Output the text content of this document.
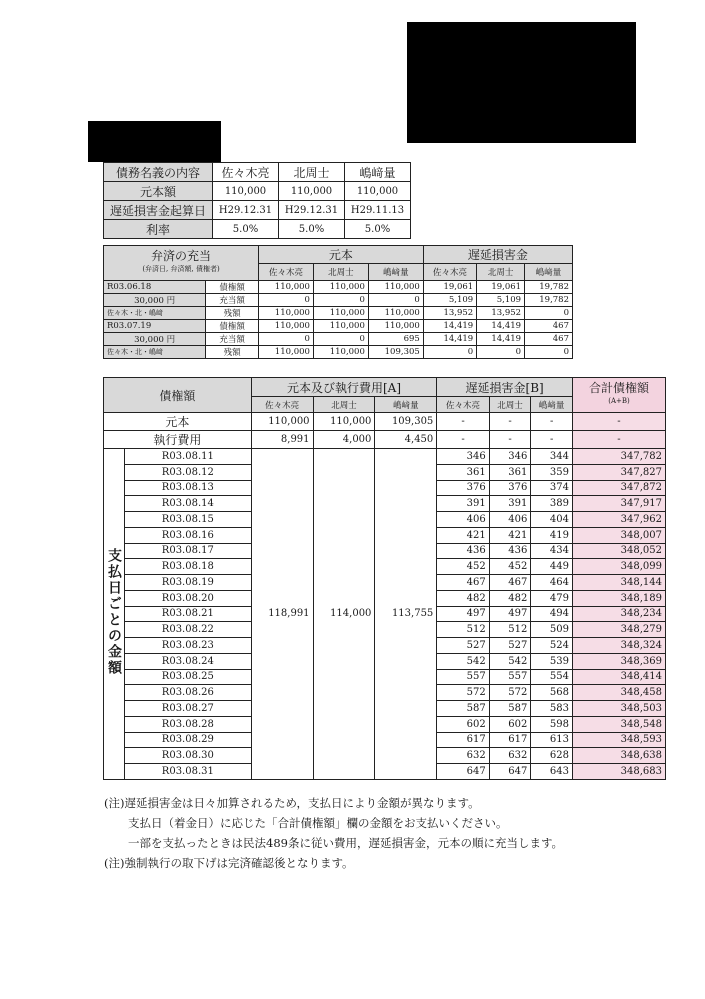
債務名義の内容	佐々木亮	北周士	嶋﨑量
元本額	110,000	110,000	110,000
遅延損害金起算日	H29.12.31	H29.12.31	H29.11.13
利率	5.0%	5.0%	5.0%
弁済の充当
(弁済日, 弁済額, 債権者)		元本			遅延損害金		
		佐々木亮	北周士	嶋﨑量	佐々木亮	北周士	嶋﨑量
R03.06.18	債権額	110,000	110,000	110,000	19,061	19,061	19,782
30,000 円	充当額	0	0	0	5,109	5,109	19,782
佐々木・北・嶋﨑	残額	110,000	110,000	110,000	13,952	13,952	0
R03.07.19	債権額	110,000	110,000	110,000	14,419	14,419	467
30,000 円	充当額	0	0	695	14,419	14,419	467
佐々木・北・嶋﨑	残額	110,000	110,000	109,305	0	0	0
債権額		元本及び執行費用[A]			遅延損害金[B]			合計債権額
(A+B)

		佐々木亮	北周士	嶋﨑量	佐々木亮	北周士	嶋﨑量	
元本		110,000	110,000	109,305	-	-	-	-
執行費用		8,991	4,000	4,450	-	-	-	-
支払日ごとの金額	R03.08.11	118,991	114,000	113,755	346	346	344	347,782
	R03.08.12				361	361	359	347,827
	R03.08.13				376	376	374	347,872
	R03.08.14				391	391	389	347,917
	R03.08.15				406	406	404	347,962
	R03.08.16				421	421	419	348,007
	R03.08.17				436	436	434	348,052
	R03.08.18				452	452	449	348,099
	R03.08.19				467	467	464	348,144
	R03.08.20				482	482	479	348,189
	R03.08.21				497	497	494	348,234
	R03.08.22				512	512	509	348,279
	R03.08.23				527	527	524	348,324
	R03.08.24				542	542	539	348,369
	R03.08.25				557	557	554	348,414
	R03.08.26				572	572	568	348,458
	R03.08.27				587	587	583	348,503
	R03.08.28				602	602	598	348,548
	R03.08.29				617	617	613	348,593
	R03.08.30				632	632	628	348,638
	R03.08.31				647	647	643	348,683
(注)遅延損害金は日々加算されるため，支払日により金額が異なります。
支払日（着金日）に応じた「合計債権額」欄の金額をお支払いください。
一部を支払ったときは民法489条に従い費用，遅延損害金，元本の順に充当します。
(注)強制執行の取下げは完済確認後となります。
